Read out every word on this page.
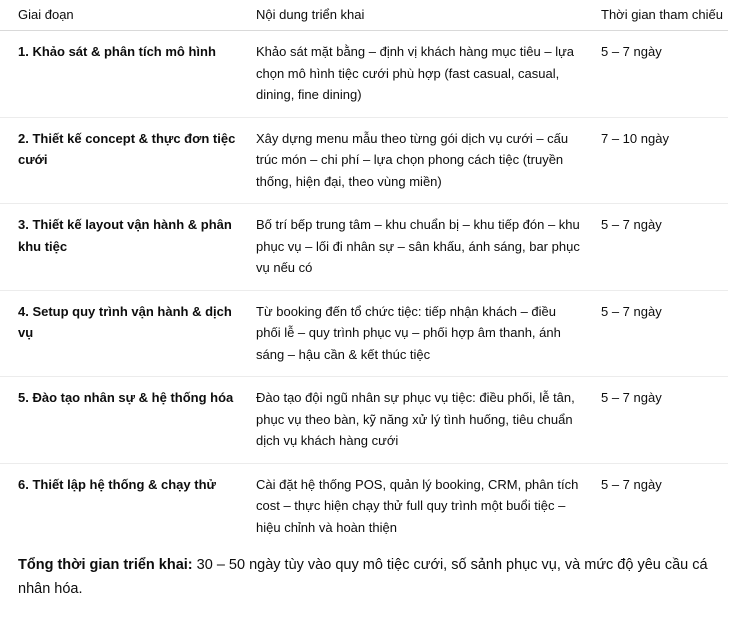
Giai đoạn	Nội dung triển khai	Thời gian tham chiếu
1. Khảo sát & phân tích mô hình	Khảo sát mặt bằng – định vị khách hàng mục tiêu – lựa chọn mô hình tiệc cưới phù hợp (fast casual, casual, dining, fine dining)	5 – 7 ngày
2. Thiết kế concept & thực đơn tiệc cưới	Xây dựng menu mẫu theo từng gói dịch vụ cưới – cấu trúc món – chi phí – lựa chọn phong cách tiệc (truyền thống, hiện đại, theo vùng miền)	7 – 10 ngày
3. Thiết kế layout vận hành & phân khu tiệc	Bố trí bếp trung tâm – khu chuẩn bị – khu tiếp đón – khu phục vụ – lối đi nhân sự – sân khấu, ánh sáng, bar phục vụ nếu có	5 – 7 ngày
4. Setup quy trình vận hành & dịch vụ	Từ booking đến tổ chức tiệc: tiếp nhận khách – điều phối lễ – quy trình phục vụ – phối hợp âm thanh, ánh sáng – hậu cần & kết thúc tiệc	5 – 7 ngày
5. Đào tạo nhân sự & hệ thống hóa	Đào tạo đội ngũ nhân sự phục vụ tiệc: điều phối, lễ tân, phục vụ theo bàn, kỹ năng xử lý tình huống, tiêu chuẩn dịch vụ khách hàng cưới	5 – 7 ngày
6. Thiết lập hệ thống & chạy thử	Cài đặt hệ thống POS, quản lý booking, CRM, phân tích cost – thực hiện chạy thử full quy trình một buổi tiệc – hiệu chỉnh và hoàn thiện	5 – 7 ngày

Tổng thời gian triển khai: 30 – 50 ngày tùy vào quy mô tiệc cưới, số sảnh phục vụ, và mức độ yêu cầu cá nhân hóa.
